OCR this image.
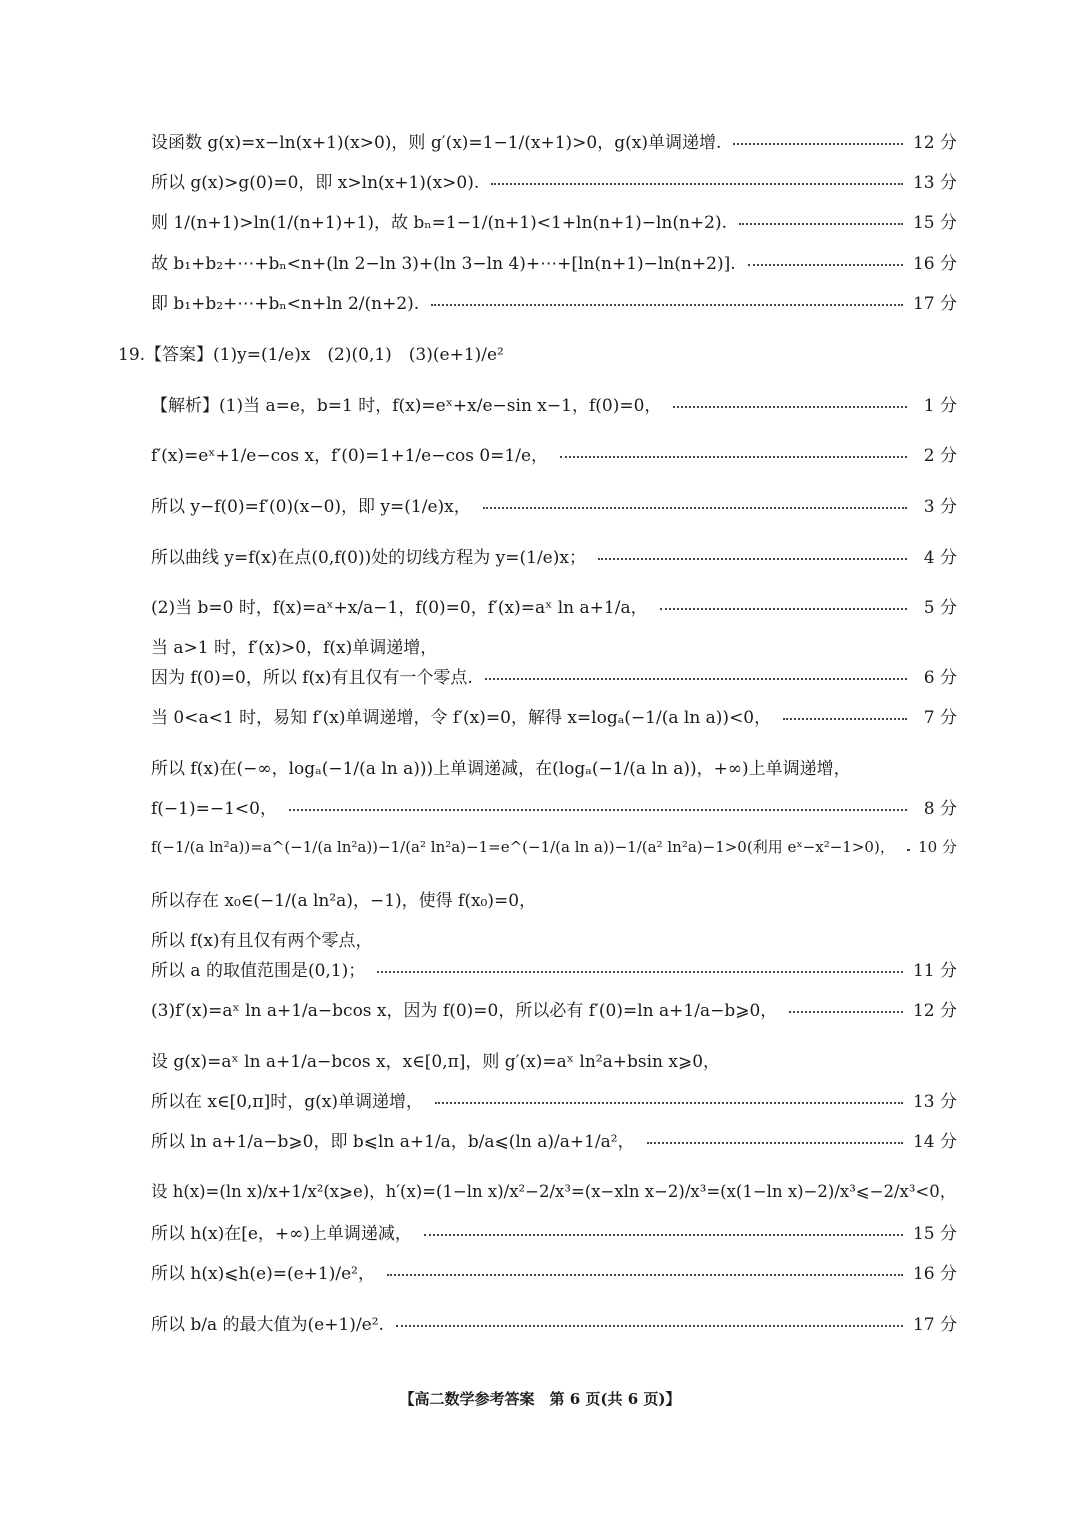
设函数 g(x)=x−ln(x+1)(x>0)，则 g′(x)=1−1/(x+1)>0，g(x)单调递增.	12 分
所以 g(x)>g(0)=0，即 x>ln(x+1)(x>0).	13 分
则 1/(n+1)>ln(1/(n+1)+1)，故 bₙ=1−1/(n+1)<1+ln(n+1)−ln(n+2).	15 分
故 b₁+b₂+⋯+bₙ<n+(ln 2−ln 3)+(ln 3−ln 4)+⋯+[ln(n+1)−ln(n+2)].	16 分
即 b₁+b₂+⋯+bₙ<n+ln 2/(n+2).	17 分
19.【答案】(1)y=(1/e)x　(2)(0,1)　(3)(e+1)/e²
【解析】(1)当 a=e，b=1 时，f(x)=eˣ+x/e−sin x−1，f(0)=0，	1 分
f′(x)=eˣ+1/e−cos x，f′(0)=1+1/e−cos 0=1/e，	2 分
所以 y−f(0)=f′(0)(x−0)，即 y=(1/e)x，	3 分
所以曲线 y=f(x)在点(0,f(0))处的切线方程为 y=(1/e)x；	4 分
(2)当 b=0 时，f(x)=aˣ+x/a−1，f(0)=0，f′(x)=aˣ ln a+1/a，	5 分
当 a>1 时，f′(x)>0，f(x)单调递增，
因为 f(0)=0，所以 f(x)有且仅有一个零点.	6 分
当 0<a<1 时，易知 f′(x)单调递增，令 f′(x)=0，解得 x=logₐ(−1/(a ln a))<0，	7 分
所以 f(x)在(−∞，logₐ(−1/(a ln a)))上单调递减，在(logₐ(−1/(a ln a))，+∞)上单调递增，
f(−1)=−1<0，	8 分
f(−1/(a ln²a))=a^(−1/(a ln²a))−1/(a² ln²a)−1=e^(−1/(a ln a))−1/(a² ln²a)−1>0(利用 eˣ−x²−1>0)， 10 分
所以存在 x₀∈(−1/(a ln²a)，−1)，使得 f(x₀)=0，
所以 f(x)有且仅有两个零点，
所以 a 的取值范围是(0,1)；	11 分
(3)f′(x)=aˣ ln a+1/a−bcos x，因为 f(0)=0，所以必有 f′(0)=ln a+1/a−b⩾0，	12 分
设 g(x)=aˣ ln a+1/a−bcos x，x∈[0,π]，则 g′(x)=aˣ ln²a+bsin x⩾0，
所以在 x∈[0,π]时，g(x)单调递增，	13 分
所以 ln a+1/a−b⩾0，即 b⩽ln a+1/a，b/a⩽(ln a)/a+1/a²，	14 分
设 h(x)=(ln x)/x+1/x²(x⩾e)，h′(x)=(1−ln x)/x²−2/x³=(x−xln x−2)/x³=(x(1−ln x)−2)/x³⩽−2/x³<0，
所以 h(x)在[e，+∞)上单调递减，	15 分
所以 h(x)⩽h(e)=(e+1)/e²，	16 分
所以 b/a 的最大值为(e+1)/e².	17 分
【高二数学参考答案　第 6 页(共 6 页)】
